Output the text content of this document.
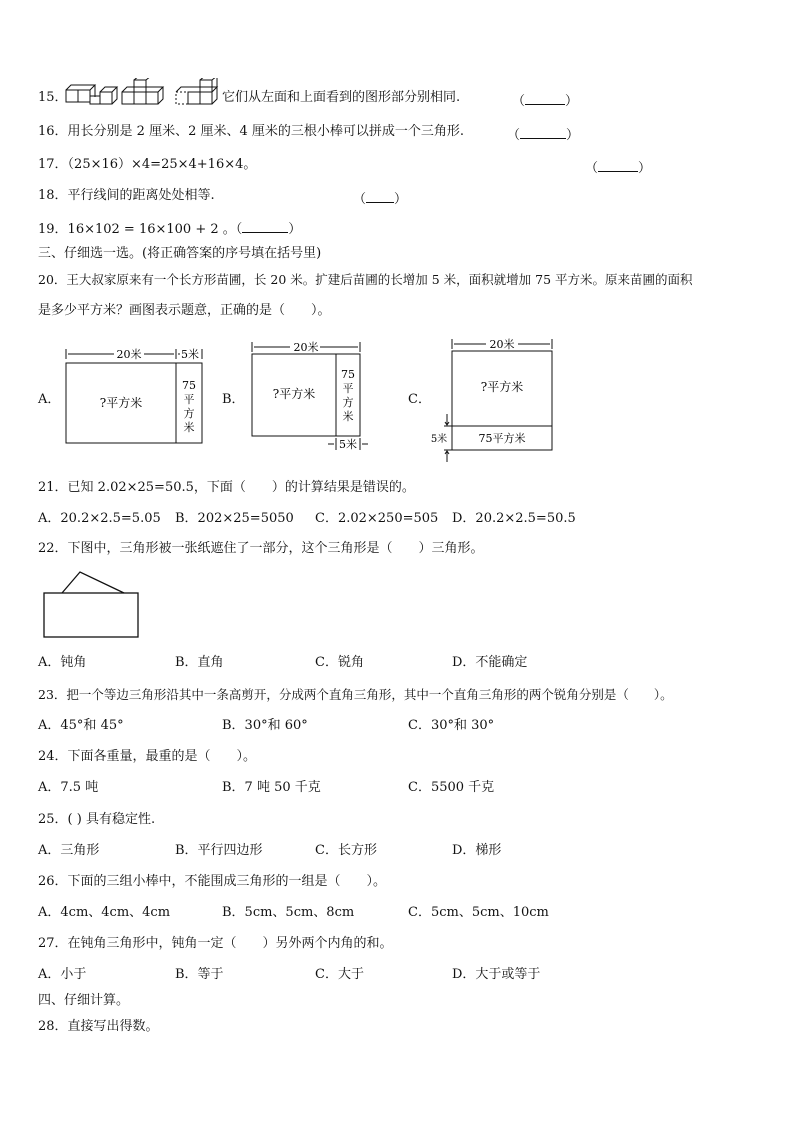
15．	它们从左面和上面看到的图形部分别相同.	（	）
16．用长分别是 2 厘米、2 厘米、4 厘米的三根小棒可以拼成一个三角形.	（	）
17．（25×16）×4=25×4+16×4。	（	）
18．平行线间的距离处处相等.	（ ）
19．16×102 = 16×100 + 2 。（	）
三、仔细选一选。(将正确答案的序号填在括号里)
20．王大叔家原来有一个长方形苗圃，长 20 米。扩建后苗圃的长增加 5 米，面积就增加 75 平方米。原来苗圃的面积
是多少平方米？画图表示题意，正确的是（　　）。
A．
20米	5米
?平方米
75
平
方
米
B．
20米
5米
?平方米
75
平
方
米
C．
20米
?平方米
5米	75平方米
21．已知 2.02×25=50.5，下面（　　）的计算结果是错误的。
A．20.2×2.5=5.05 B．202×25=5050 C．2.02×250=505 D．20.2×2.5=50.5
22．下图中，三角形被一张纸遮住了一部分，这个三角形是（　　）三角形。
A．钝角	B．直角	C．锐角	D．不能确定
23．把一个等边三角形沿其中一条高剪开，分成两个直角三角形，其中一个直角三角形的两个锐角分别是（　　）。
A．45°和 45°	B．30°和 60°	C．30°和 30°
24．下面各重量，最重的是（　　）。
A．7.5 吨	B．7 吨 50 千克	C．5500 千克
25．( ) 具有稳定性.
A．三角形	B．平行四边形	C．长方形	D．梯形
26．下面的三组小棒中，不能围成三角形的一组是（　　）。
A．4cm、4cm、4cm	B．5cm、5cm、8cm	C．5cm、5cm、10cm
27．在钝角三角形中，钝角一定（　　）另外两个内角的和。
A．小于	B．等于	C．大于	D．大于或等于
四、仔细计算。
28．直接写出得数。
